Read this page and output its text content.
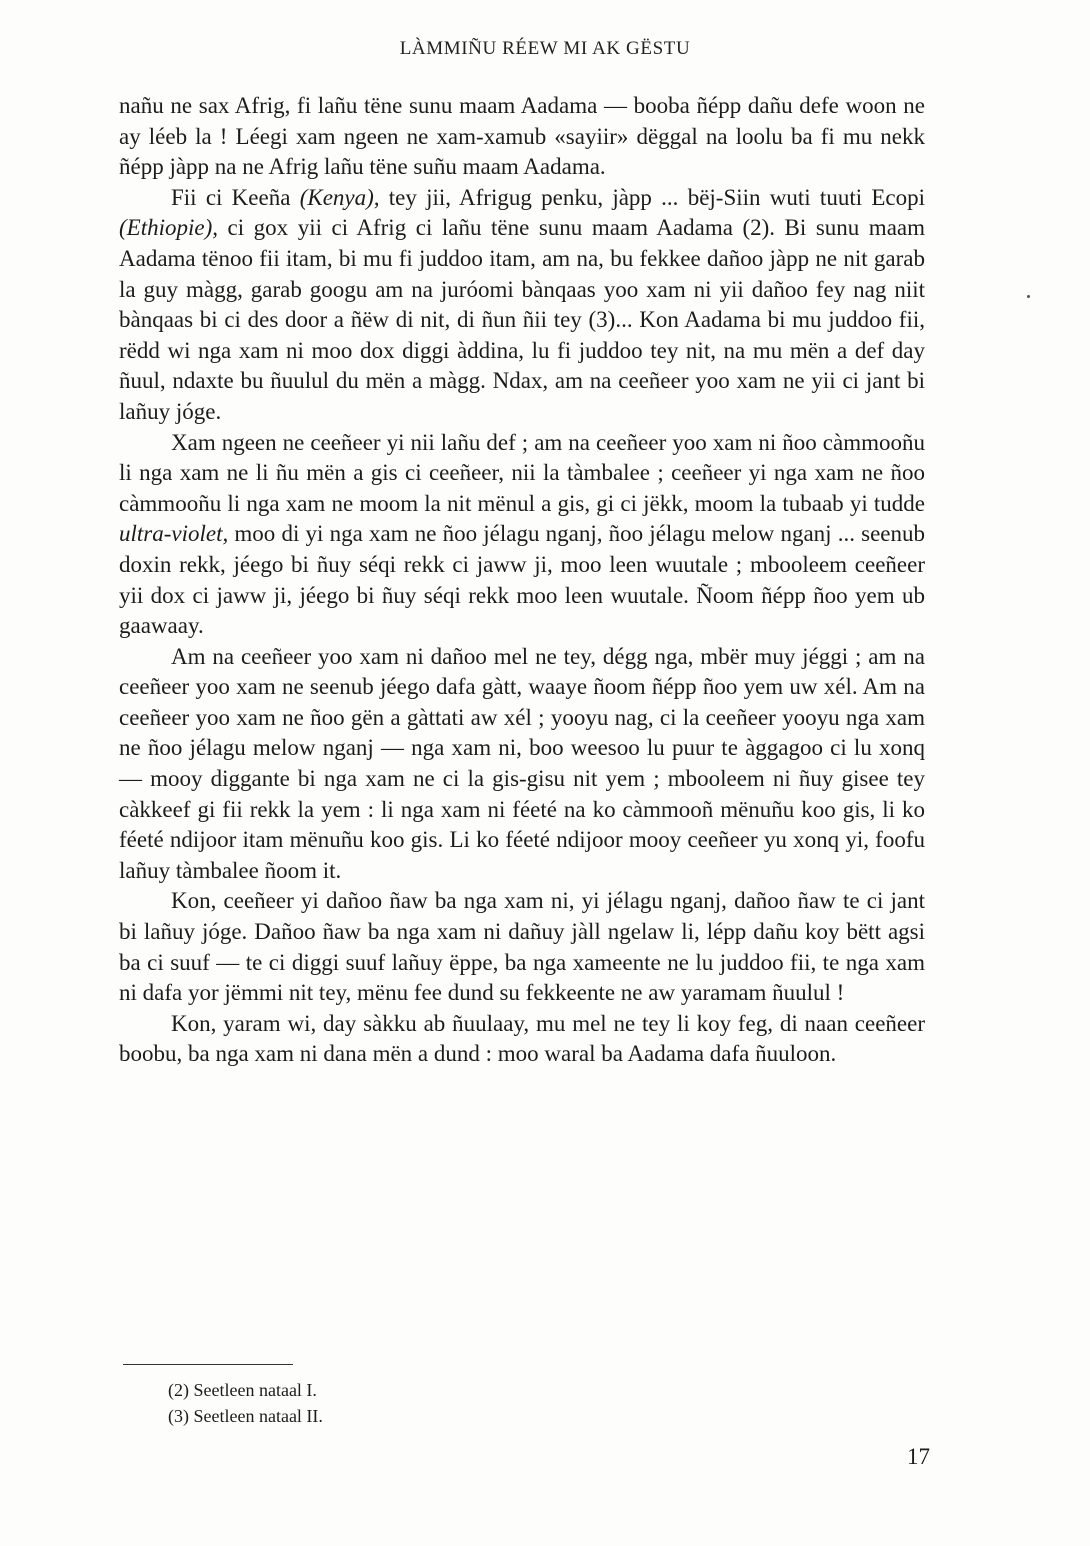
LÀMMIÑU RÉEW MI AK GËSTU

nañu ne sax Afrig, fi lañu tëne sunu maam Aadama — booba ñépp dañu defe woon ne ay léeb la ! Léegi xam ngeen ne xam-xamub «sayiir» dëggal na loolu ba fi mu nekk ñépp jàpp na ne Afrig lañu tëne suñu maam Aadama.

Fii ci Keeña (Kenya), tey jii, Afrigug penku, jàpp ... bëj-Siin wuti tuuti Ecopi (Ethiopie), ci gox yii ci Afrig ci lañu tëne sunu maam Aadama (2). Bi sunu maam Aadama tënoo fii itam, bi mu fi juddoo itam, am na, bu fekkee dañoo jàpp ne nit garab la guy màgg, garab googu am na juróomi bànqaas yoo xam ni yii dañoo fey nag niit bànqaas bi ci des door a ñëw di nit, di ñun ñii tey (3)... Kon Aadama bi mu juddoo fii, rëdd wi nga xam ni moo dox diggi àddina, lu fi juddoo tey nit, na mu mën a def day ñuul, ndaxte bu ñuulul du mën a màgg. Ndax, am na ceeñeer yoo xam ne yii ci jant bi lañuy jóge.

Xam ngeen ne ceeñeer yi nii lañu def ; am na ceeñeer yoo xam ni ñoo càmmooñu li nga xam ne li ñu mën a gis ci ceeñeer, nii la tàmbalee ; ceeñeer yi nga xam ne ñoo càmmooñu li nga xam ne moom la nit mënul a gis, gi ci jëkk, moom la tubaab yi tudde ultra-violet, moo di yi nga xam ne ñoo jélagu nganj, ñoo jélagu melow nganj ... seenub doxin rekk, jéego bi ñuy séqi rekk ci jaww ji, moo leen wuutale ; mbooleem ceeñeer yii dox ci jaww ji, jéego bi ñuy séqi rekk moo leen wuutale. Ñoom ñépp ñoo yem ub gaawaay.

Am na ceeñeer yoo xam ni dañoo mel ne tey, dégg nga, mbër muy jéggi ; am na ceeñeer yoo xam ne seenub jéego dafa gàtt, waaye ñoom ñépp ñoo yem uw xél. Am na ceeñeer yoo xam ne ñoo gën a gàttati aw xél ; yooyu nag, ci la ceeñeer yooyu nga xam ne ñoo jélagu melow nganj — nga xam ni, boo weesoo lu puur te àggagoo ci lu xonq — mooy diggante bi nga xam ne ci la gis-gisu nit yem ; mbooleem ni ñuy gisee tey càkkeef gi fii rekk la yem : li nga xam ni féeté na ko càmmooñ mënuñu koo gis, li ko féeté ndijoor itam mënuñu koo gis. Li ko féeté ndijoor mooy ceeñeer yu xonq yi, foofu lañuy tàmbalee ñoom it.

Kon, ceeñeer yi dañoo ñaw ba nga xam ni, yi jélagu nganj, dañoo ñaw te ci jant bi lañuy jóge. Dañoo ñaw ba nga xam ni dañuy jàll ngelaw li, lépp dañu koy bëtt agsi ba ci suuf — te ci diggi suuf lañuy ëppe, ba nga xameente ne lu juddoo fii, te nga xam ni dafa yor jëmmi nit tey, mënu fee dund su fekkeente ne aw yaramam ñuulul !

Kon, yaram wi, day sàkku ab ñuulaay, mu mel ne tey li koy feg, di naan ceeñeer boobu, ba nga xam ni dana mën a dund : moo waral ba Aadama dafa ñuuloon.

(2) Seetleen nataal I.
(3) Seetleen nataal II.
17
